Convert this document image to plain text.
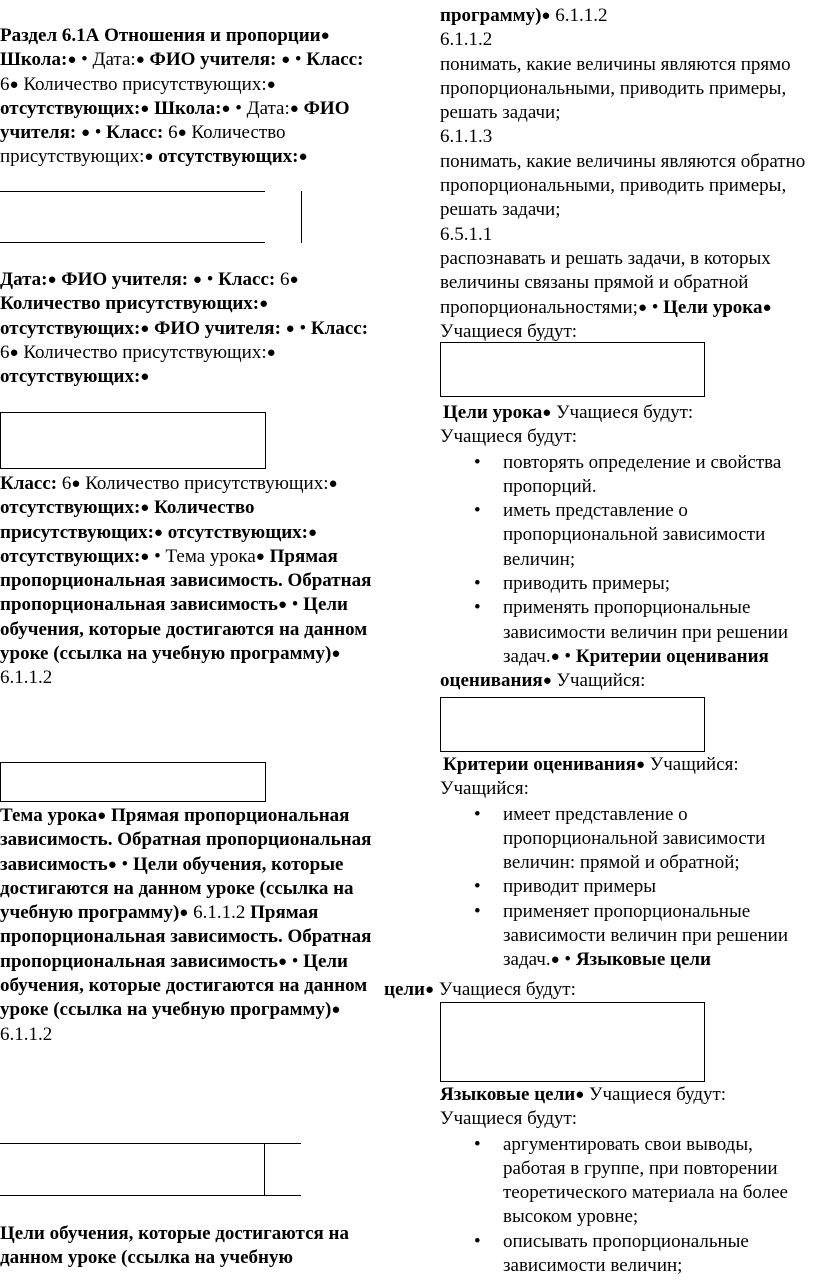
Раздел 6.1А Отношения и пропорции● Школа:● • Дата:● ФИО учителя: ● • Класс: 6● Количество присутствующих:● отсутствующих:● Школа:● • Дата:● ФИО учителя: ● • Класс: 6● Количество присутствующих:● отсутствующих:●
Дата:● ФИО учителя: ● • Класс: 6● Количество присутствующих:● отсутствующих:● ФИО учителя: ● • Класс: 6● Количество присутствующих:● отсутствующих:●
Класс: 6● Количество присутствующих:● отсутствующих:● Количество присутствующих:● отсутствующих:● отсутствующих:● • Тема урока● Прямая пропорциональная зависимость. Обратная пропорциональная зависимость● • Цели обучения, которые достигаются на данном уроке (ссылка на учебную программу)● 6.1.1.2
Тема урока● Прямая пропорциональная зависимость. Обратная пропорциональная зависимость● • Цели обучения, которые достигаются на данном уроке (ссылка на учебную программу)● 6.1.1.2 Прямая пропорциональная зависимость. Обратная пропорциональная зависимость● • Цели обучения, которые достигаются на данном уроке (ссылка на учебную программу)● 6.1.1.2
Цели обучения, которые достигаются на данном уроке (ссылка на учебную
программу)● 6.1.1.2
6.1.1.2
понимать, какие величины являются прямо пропорциональными, приводить примеры, решать задачи;
6.1.1.3
понимать, какие величины являются обратно пропорциональными, приводить примеры, решать задачи;
6.5.1.1
распознавать и решать задачи, в которых величины связаны прямой и обратной пропорциональностями;● • Цели урока● Учащиеся будут:
Цели урока● Учащиеся будут:
Учащиеся будут:
• повторять определение и свойства пропорций.
• иметь представление о пропорциональной зависимости величин;
• приводить примеры;
• применять пропорциональные зависимости величин при решении задач.● • Критерии оценивания
оценивания● Учащийся:
Критерии оценивания● Учащийся:
Учащийся:
• имеет представление о пропорциональной зависимости величин: прямой и обратной;
• приводит примеры
• применяет пропорциональные зависимости величин при решении задач.● • Языковые цели
цели● Учащиеся будут:
Языковые цели● Учащиеся будут:
Учащиеся будут:
• аргументировать свои выводы, работая в группе, при повторении теоретического материала на более высоком уровне;
• описывать пропорциональные зависимости величин;
